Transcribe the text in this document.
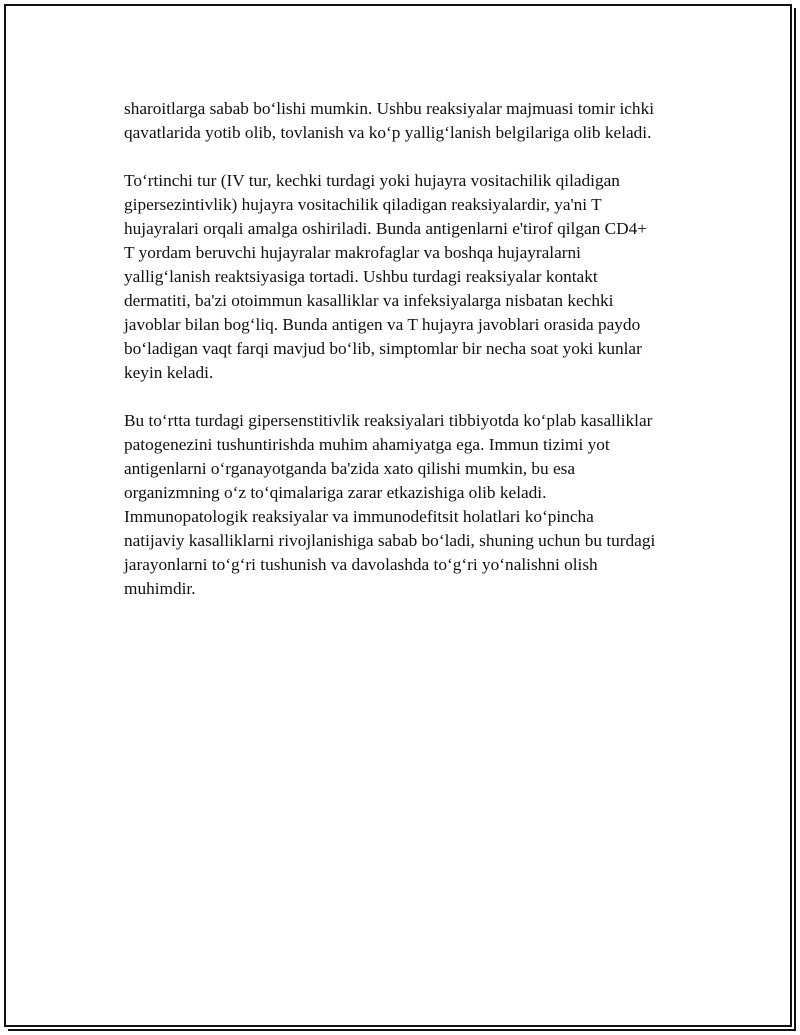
sharoitlarga sabab bo‘lishi mumkin. Ushbu reaksiyalar majmuasi tomir ichki
qavatlarida yotib olib, tovlanish va ko‘p yallig‘lanish belgilariga olib keladi.

To‘rtinchi tur (IV tur, kechki turdagi yoki hujayra vositachilik qiladigan
gipersezintivlik) hujayra vositachilik qiladigan reaksiyalardir, ya'ni T
hujayralari orqali amalga oshiriladi. Bunda antigenlarni e'tirof qilgan CD4+
T yordam beruvchi hujayralar makrofaglar va boshqa hujayralarni
yallig‘lanish reaktsiyasiga tortadi. Ushbu turdagi reaksiyalar kontakt
dermatiti, ba'zi otoimmun kasalliklar va infeksiyalarga nisbatan kechki
javoblar bilan bog‘liq. Bunda antigen va T hujayra javoblari orasida paydo
bo‘ladigan vaqt farqi mavjud bo‘lib, simptomlar bir necha soat yoki kunlar
keyin keladi.

Bu to‘rtta turdagi gipersenstitivlik reaksiyalari tibbiyotda ko‘plab kasalliklar
patogenezini tushuntirishda muhim ahamiyatga ega. Immun tizimi yot
antigenlarni o‘rganayotganda ba'zida xato qilishi mumkin, bu esa
organizmning o‘z to‘qimalariga zarar etkazishiga olib keladi.
Immunopatologik reaksiyalar va immunodefitsit holatlari ko‘pincha
natijaviy kasalliklarni rivojlanishiga sabab bo‘ladi, shuning uchun bu turdagi
jarayonlarni to‘g‘ri tushunish va davolashda to‘g‘ri yo‘nalishni olish
muhimdir.
